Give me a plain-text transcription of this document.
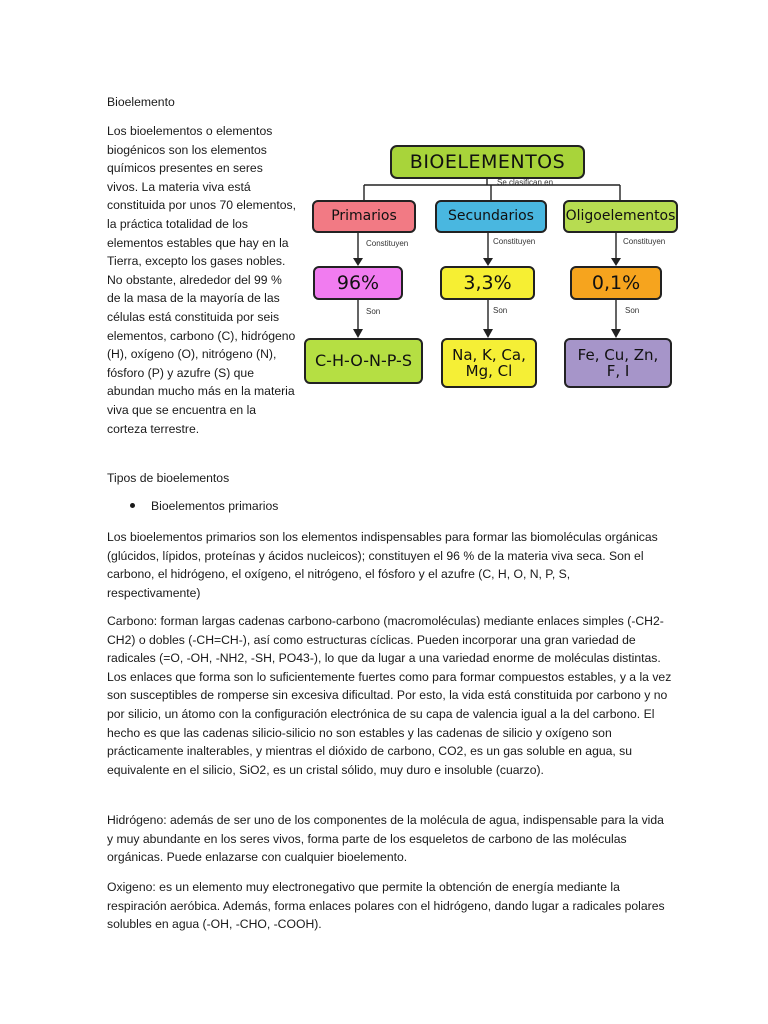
Bioelemento

Los bioelementos o elementos biogénicos son los elementos químicos presentes en seres vivos. La materia viva está constituida por unos 70 elementos, la práctica totalidad de los elementos estables que hay en la Tierra, excepto los gases nobles. No obstante, alrededor del 99 % de la masa de la mayoría de las células está constituida por seis elementos, carbono (C), hidrógeno (H), oxígeno (O), nitrógeno (N), fósforo (P) y azufre (S) que abundan mucho más en la materia viva que se encuentra en la corteza terrestre.

BIOELEMENTOS
Se clasifican en
Primarios	Secundarios	Oligoelementos
Constituyen	Constituyen	Constituyen
96%	3,3%	0,1%
Son	Son	Son
C-H-O-N-P-S	Na, K, Ca,
Mg, Cl
Fe, Cu, Zn,
F, I

Tipos de bioelementos

Bioelementos primarios

Los bioelementos primarios son los elementos indispensables para formar las biomoléculas orgánicas (glúcidos, lípidos, proteínas y ácidos nucleicos); constituyen el 96 % de la materia viva seca. Son el carbono, el hidrógeno, el oxígeno, el nitrógeno, el fósforo y el azufre (C, H, O, N, P, S, respectivamente)

Carbono: forman largas cadenas carbono-carbono (macromoléculas) mediante enlaces simples (-CH2-CH2) o dobles (-CH=CH-), así como estructuras cíclicas. Pueden incorporar una gran variedad de radicales (=O, -OH, -NH2, -SH, PO43-), lo que da lugar a una variedad enorme de moléculas distintas. Los enlaces que forma son lo suficientemente fuertes como para formar compuestos estables, y a la vez son susceptibles de romperse sin excesiva dificultad. Por esto, la vida está constituida por carbono y no por silicio, un átomo con la configuración electrónica de su capa de valencia igual a la del carbono. El hecho es que las cadenas silicio-silicio no son estables y las cadenas de silicio y oxígeno son prácticamente inalterables, y mientras el dióxido de carbono, CO2, es un gas soluble en agua, su equivalente en el silicio, SiO2, es un cristal sólido, muy duro e insoluble (cuarzo).

Hidrógeno: además de ser uno de los componentes de la molécula de agua, indispensable para la vida y muy abundante en los seres vivos, forma parte de los esqueletos de carbono de las moléculas orgánicas. Puede enlazarse con cualquier bioelemento.

Oxigeno: es un elemento muy electronegativo que permite la obtención de energía mediante la respiración aeróbica. Además, forma enlaces polares con el hidrógeno, dando lugar a radicales polares solubles en agua (-OH, -CHO, -COOH).
